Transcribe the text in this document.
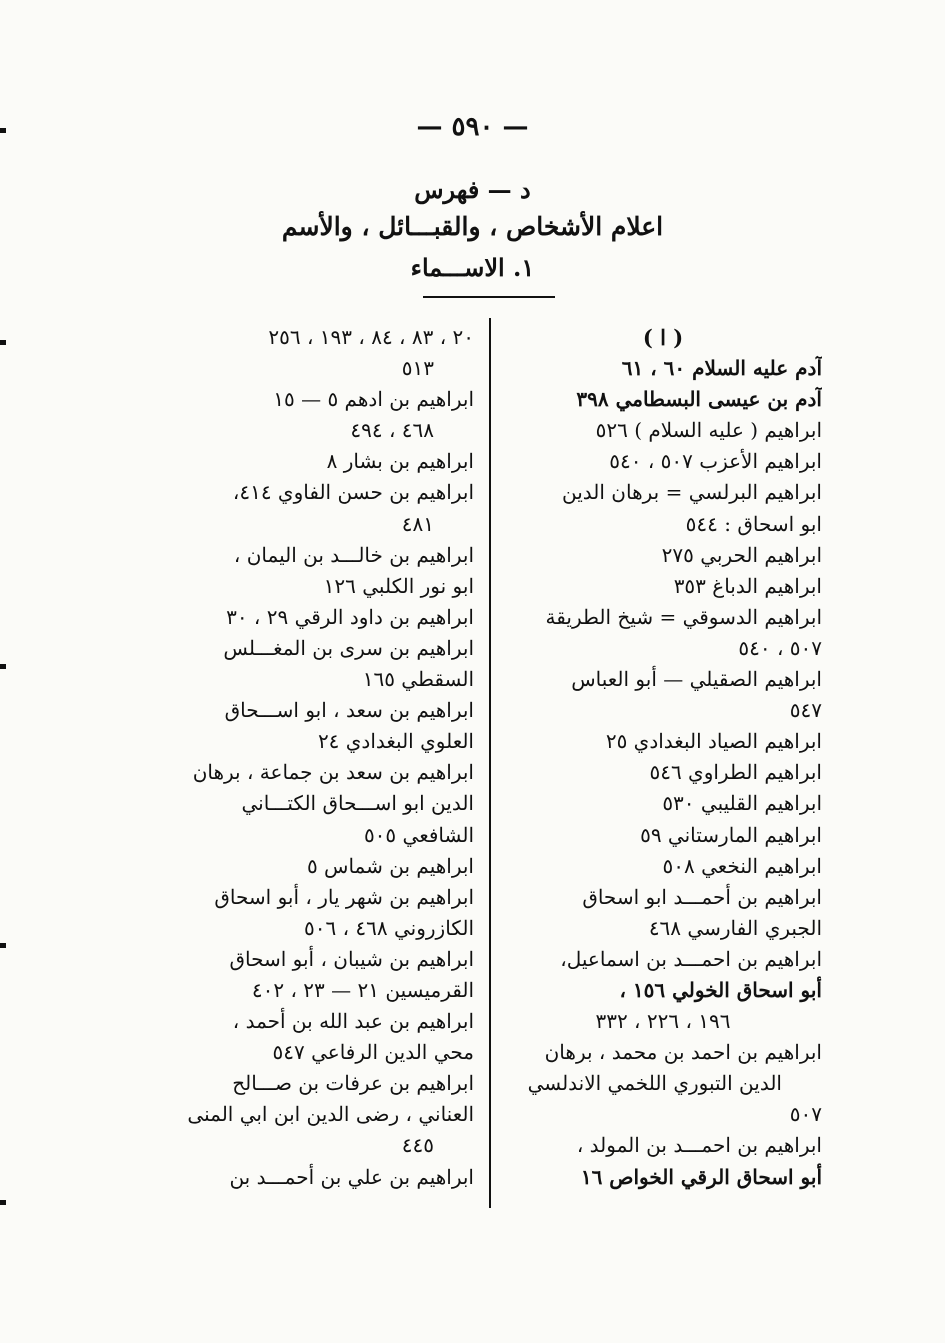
— ٥٩٠ —
د — فهرس
اعلام الأشخاص ، والقبـــائل ، والأسم
١. الاســـماء
( ا )
آدم عليه السلام ٦٠ ، ٦١
آدم بن عيسى البسطامي ٣٩٨
ابراهيم ( عليه السلام ) ٥٢٦
ابراهيم الأعزب ٥٠٧ ، ٥٤٠
ابراهيم البرلسي = برهان الدين
ابو اسحاق : ٥٤٤
ابراهيم الحربي ٢٧٥
ابراهيم الدباغ ٣٥٣
ابراهيم الدسوقي = شيخ الطريقة
٥٠٧ ، ٥٤٠
ابراهيم الصقيلي — أبو العباس
٥٤٧
ابراهيم الصياد البغدادي ٢٥
ابراهيم الطراوي ٥٤٦
ابراهيم القليبي ٥٣٠
ابراهيم المارستاني ٥٩
ابراهيم النخعي ٥٠٨
ابراهيم بن أحمـــد ابو اسحاق
الجبري الفارسي ٤٦٨
ابراهيم بن احمـــد بن اسماعيل،
أبو اسحاق الخولي ١٥٦ ،
١٩٦ ، ٢٢٦ ، ٣٣٢
ابراهيم بن احمد بن محمد ، برهان
الدين التبوري اللخمي الاندلسي
٥٠٧
ابراهيم بن احمـــد بن المولد ،
أبو اسحاق الرقي الخواص ١٦
٢٠ ، ٨٣ ، ٨٤ ، ١٩٣ ، ٢٥٦
٥١٣
ابراهيم بن ادهم ٥ — ١٥
٤٦٨ ، ٤٩٤
ابراهيم بن بشار ٨
ابراهيم بن حسن الفاوي ٤١٤،
٤٨١
ابراهيم بن خالـــد بن اليمان ،
ابو نور الكلبي ١٢٦
ابراهيم بن داود الرقي ٢٩ ، ٣٠
ابراهيم بن سرى بن المغـــلس
السقطي ١٦٥
ابراهيم بن سعد ، ابو اســـحاق
العلوي البغدادي ٢٤
ابراهيم بن سعد بن جماعة ، برهان
الدين ابو اســـحاق الكتـــاني
الشافعي ٥٠٥
ابراهيم بن شماس ٥
ابراهيم بن شهر يار ، أبو اسحاق
الكازروني ٤٦٨ ، ٥٠٦
ابراهيم بن شيبان ، أبو اسحاق
القرميسين ٢١ — ٢٣ ، ٤٠٢
ابراهيم بن عبد الله بن أحمد ،
محي الدين الرفاعي ٥٤٧
ابراهيم بن عرفات بن صـــالح
العناني ، رضى الدين ابن ابي المنى
٤٤٥
ابراهيم بن علي بن أحمـــد بن
